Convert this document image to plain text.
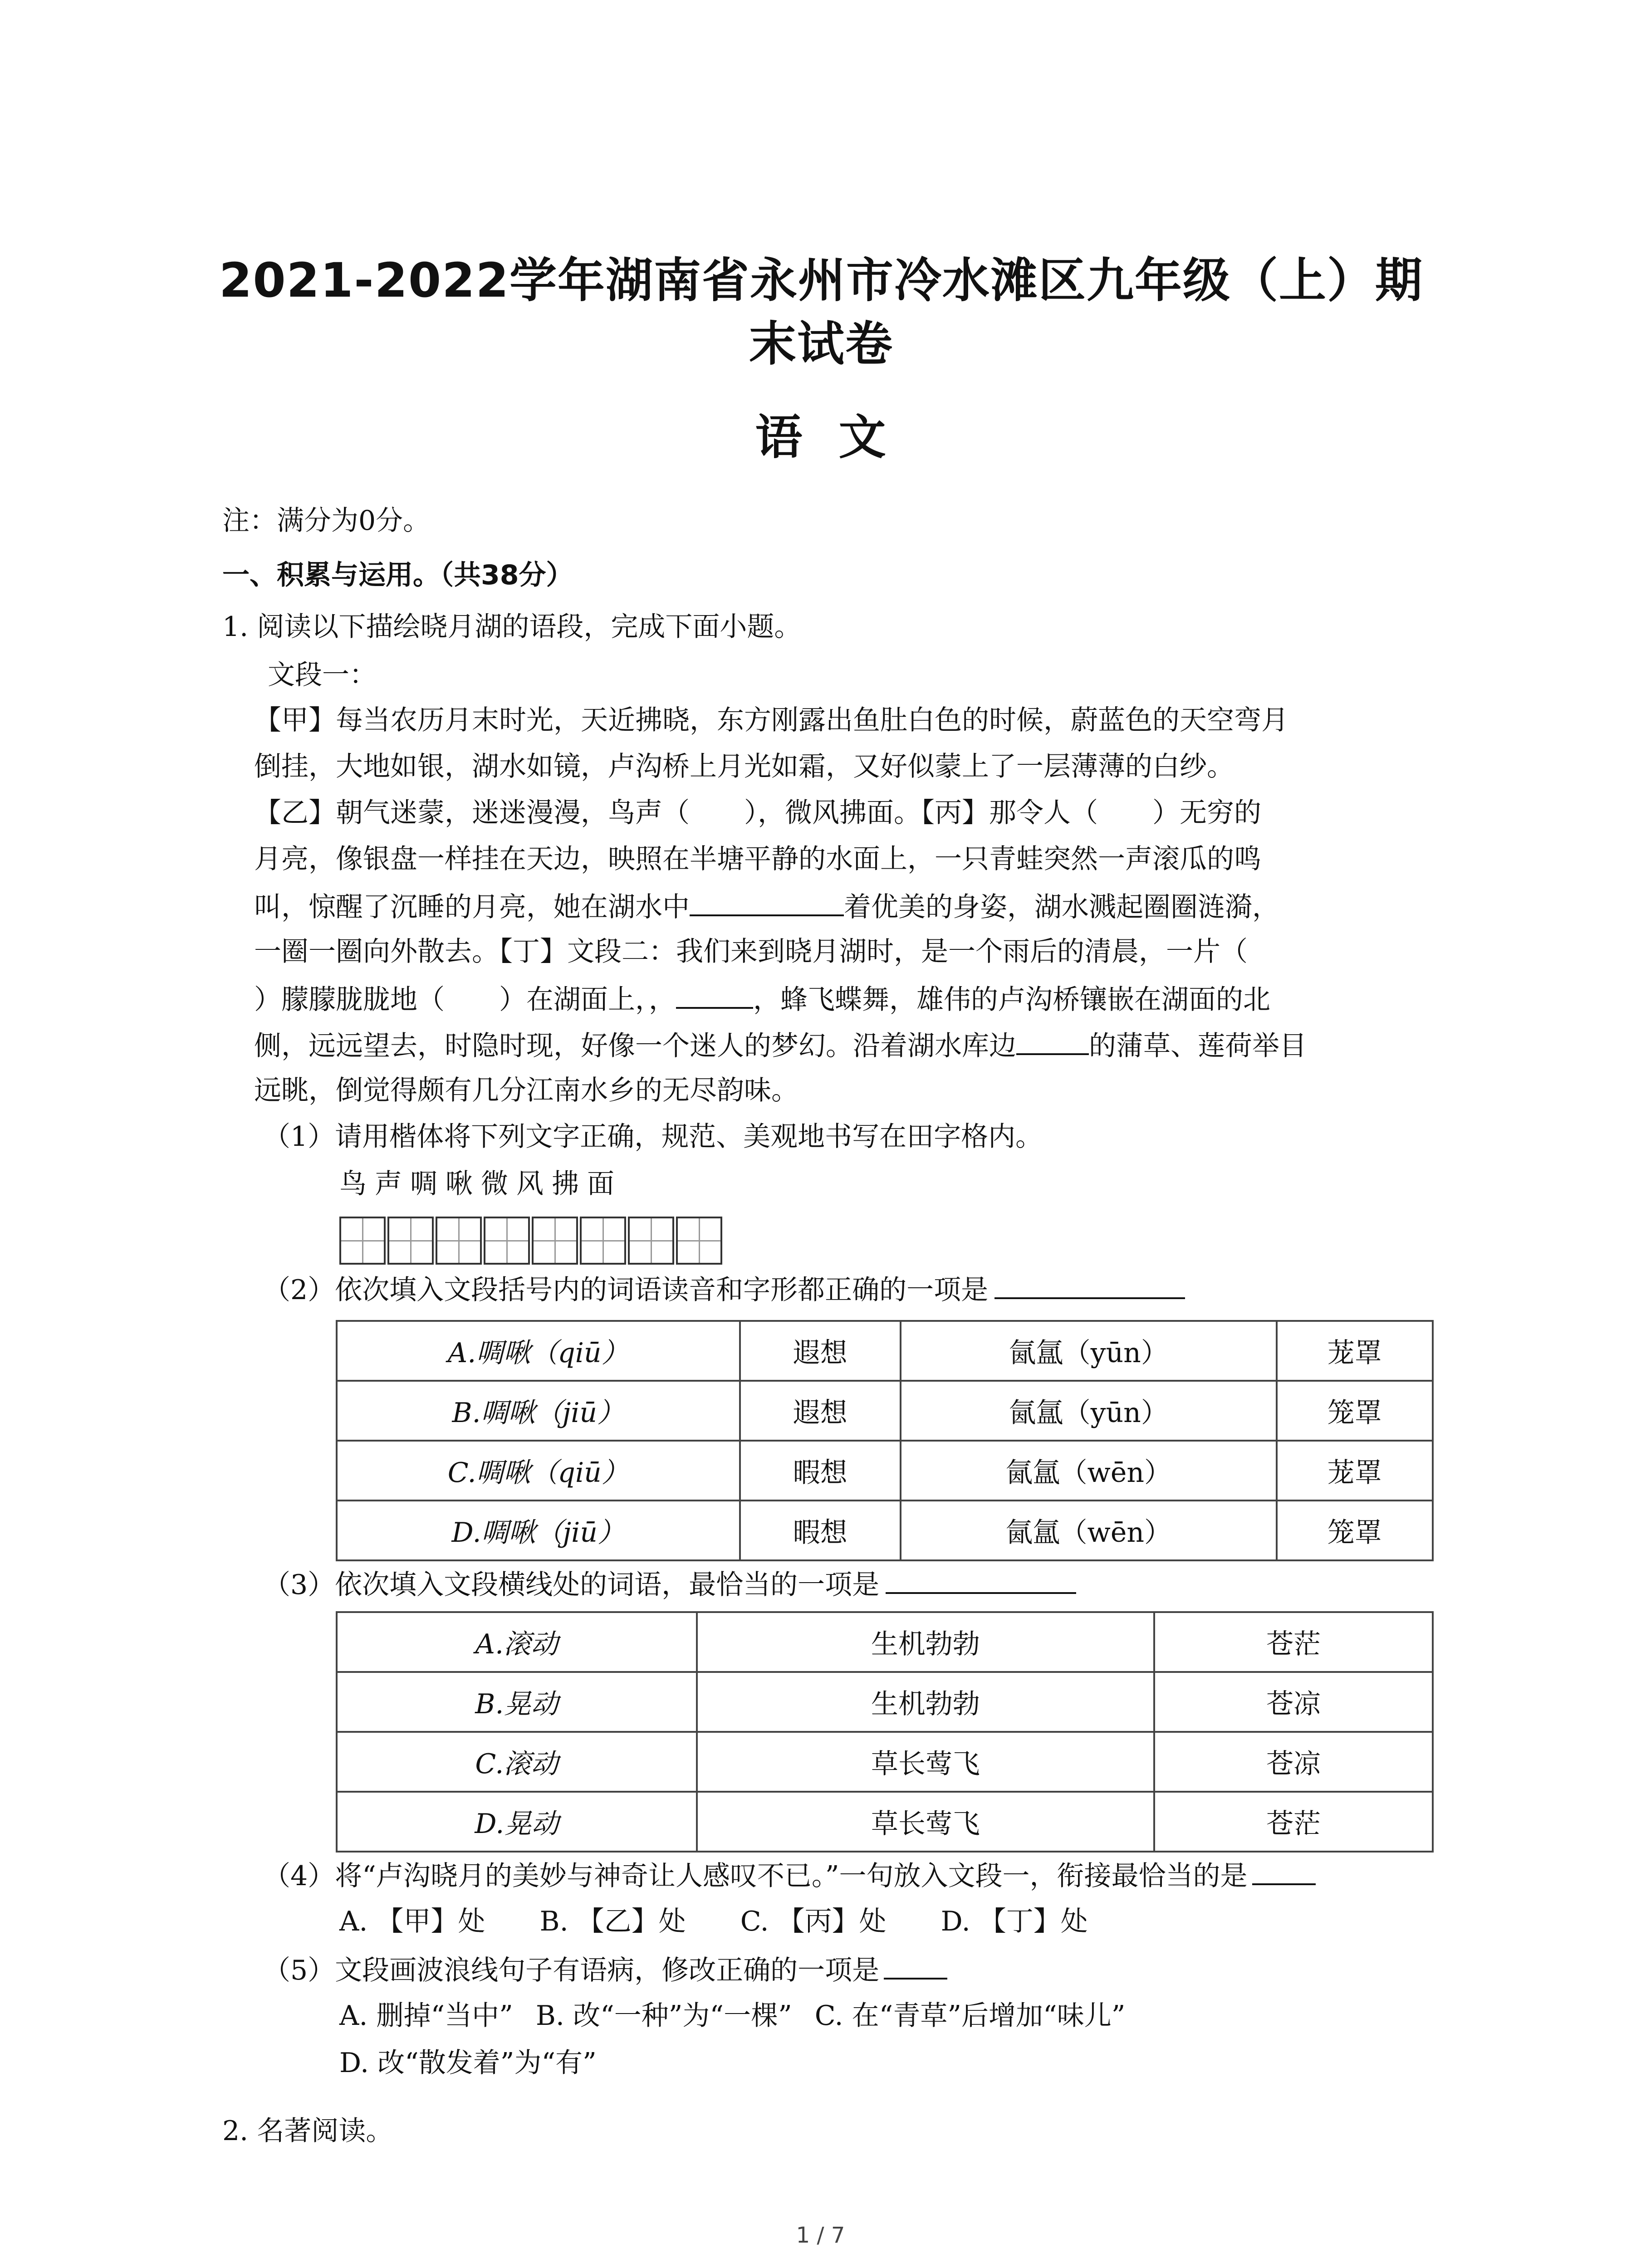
2021-2022学年湖南省永州市冷水滩区九年级（上）期
末试卷
语文
注：满分为0分。
一、积累与运用。（共38分）
1. 阅读以下描绘晓月湖的语段，完成下面小题。
文段一：
【甲】每当农历月末时光，天近拂晓，东方刚露出鱼肚白色的时候，蔚蓝色的天空弯月
倒挂，大地如银，湖水如镜，卢沟桥上月光如霜，又好似蒙上了一层薄薄的白纱。
【乙】朝气迷蒙，迷迷漫漫，鸟声（　　），微风拂面。【丙】那令人（　　）无穷的
月亮，像银盘一样挂在天边，映照在半塘平静的水面上，一只青蛙突然一声滚瓜的鸣
叫，惊醒了沉睡的月亮，她在湖水中	着优美的身姿，湖水溅起圈圈涟漪，
一圈一圈向外散去。【丁】文段二：我们来到晓月湖时，是一个雨后的清晨，一片（
）朦朦胧胧地（　　）在湖面上，，	，蜂飞蝶舞，雄伟的卢沟桥镶嵌在湖面的北
侧，远远望去，时隐时现，好像一个迷人的梦幻。沿着湖水库边	的蒲草、莲荷举目
远眺，倒觉得颇有几分江南水乡的无尽韵味。
（1）请用楷体将下列文字正确，规范、美观地书写在田字格内。
鸟声啁啾微风拂面
（2）依次填入文段括号内的词语读音和字形都正确的一项是
A.啁啾（qiū）	遐想	氤氲（yūn）	茏罩
B.啁啾（jiū）	遐想	氤氲（yūn）	笼罩
C.啁啾（qiū）	暇想	氤氲（wēn）	茏罩
D.啁啾（jiū）	暇想	氤氲（wēn）	笼罩
（3）依次填入文段横线处的词语，最恰当的一项是
A.滚动	生机勃勃	苍茫
B.晃动	生机勃勃	苍凉
C.滚动	草长莺飞	苍凉
D.晃动	草长莺飞	苍茫
（4）将“卢沟晓月的美妙与神奇让人感叹不已。”一句放入文段一，衔接最恰当的是
A. 【甲】处 B. 【乙】处 C. 【丙】处 D. 【丁】处
（5）文段画波浪线句子有语病，修改正确的一项是
A. 删掉“当中” B. 改“一种”为“一棵” C. 在“青草”后增加“味儿”
D. 改“散发着”为“有”
2. 名著阅读。
1 / 7
